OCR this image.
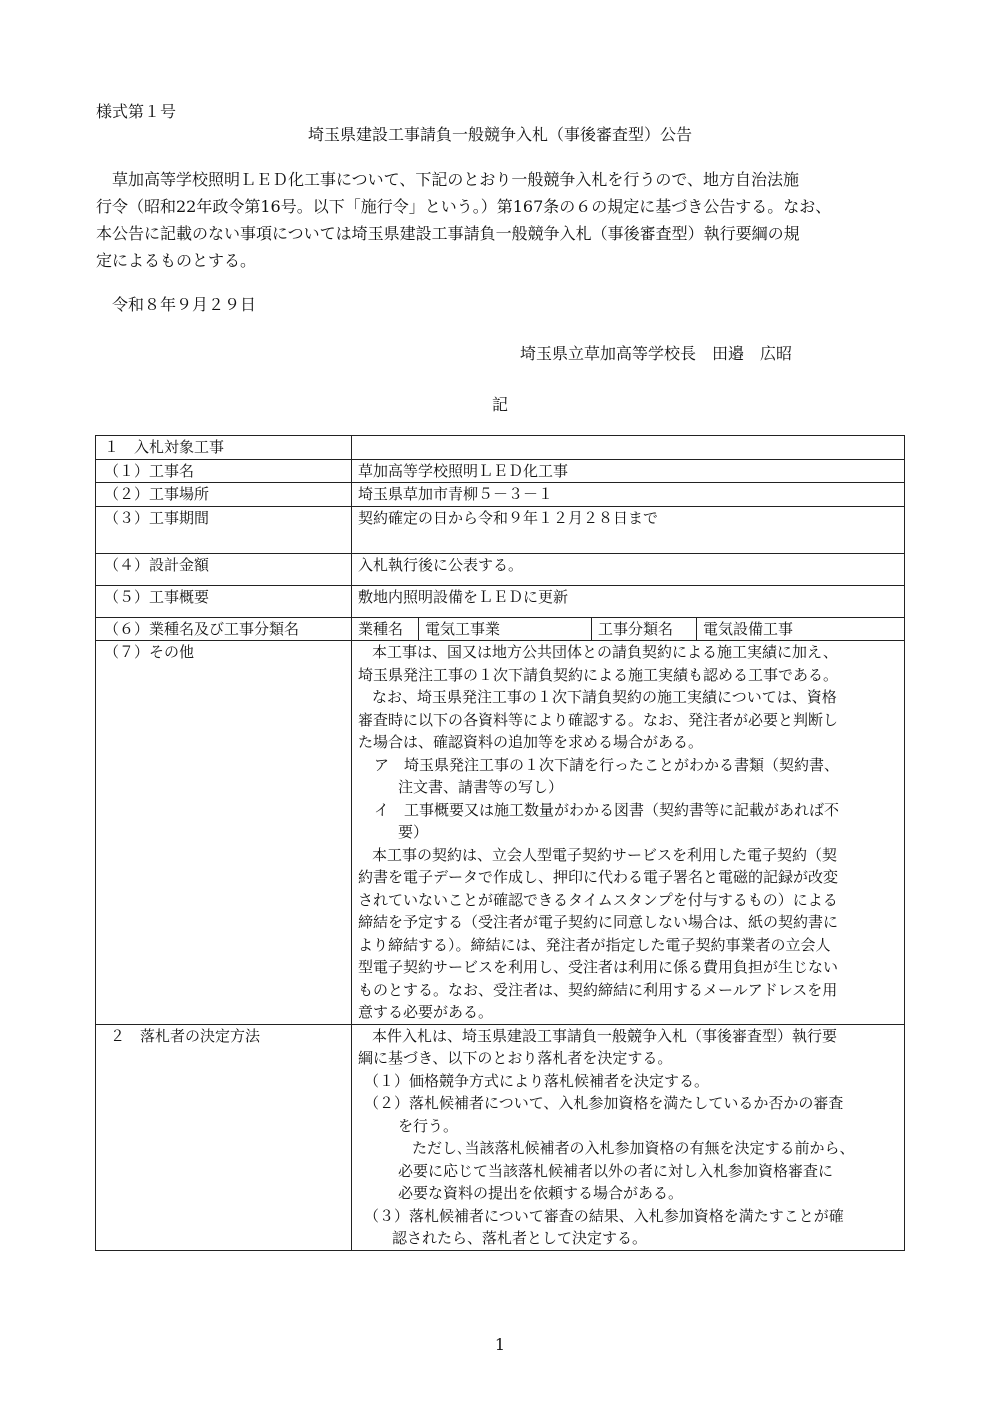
様式第１号
埼玉県建設工事請負一般競争入札（事後審査型）公告
草加高等学校照明ＬＥＤ化工事について、下記のとおり一般競争入札を行うので、地方自治法施
行令（昭和22年政令第16号。以下「施行令」という。）第167条の６の規定に基づき公告する。なお、
本公告に記載のない事項については埼玉県建設工事請負一般競争入札（事後審査型）執行要綱の規
定によるものとする。
令和８年９月２９日
埼玉県立草加高等学校長　田邉　広昭
記
１　入札対象工事	
（１）工事名	草加高等学校照明ＬＥＤ化工事
（２）工事場所	埼玉県草加市青柳５－３－１
（３）工事期間	契約確定の日から令和９年１２月２８日まで
（４）設計金額	入札執行後に公表する。
（５）工事概要	敷地内照明設備をＬＥＤに更新
（６）業種名及び工事分類名		業種名	電気工事業	工事分類名	電気設備工事

（７）その他	本工事は、国又は地方公共団体との請負契約による施工実績に加え、
埼玉県発注工事の１次下請負契約による施工実績も認める工事である。
なお、埼玉県発注工事の１次下請負契約の施工実績については、資格
審査時に以下の各資料等により確認する。なお、発注者が必要と判断し
た場合は、確認資料の追加等を求める場合がある。
ア　埼玉県発注工事の１次下請を行ったことがわかる書類（契約書、
注文書、請書等の写し）
イ　工事概要又は施工数量がわかる図書（契約書等に記載があれば不
要）
本工事の契約は、立会人型電子契約サービスを利用した電子契約（契
約書を電子データで作成し、押印に代わる電子署名と電磁的記録が改変
されていないことが確認できるタイムスタンプを付与するもの）による
締結を予定する（受注者が電子契約に同意しない場合は、紙の契約書に
より締結する）。締結には、発注者が指定した電子契約事業者の立会人
型電子契約サービスを利用し、受注者は利用に係る費用負担が生じない
ものとする。なお、受注者は、契約締結に利用するメールアドレスを用
意する必要がある。

２　落札者の決定方法	本件入札は、埼玉県建設工事請負一般競争入札（事後審査型）執行要
綱に基づき、以下のとおり落札者を決定する。
（１）価格競争方式により落札候補者を決定する。
（２）落札候補者について、入札参加資格を満たしているか否かの審査
を行う。
ただし､当該落札候補者の入札参加資格の有無を決定する前から、
必要に応じて当該落札候補者以外の者に対し入札参加資格審査に
必要な資料の提出を依頼する場合がある。
（３）落札候補者について審査の結果、入札参加資格を満たすことが確
認されたら、落札者として決定する。
1
